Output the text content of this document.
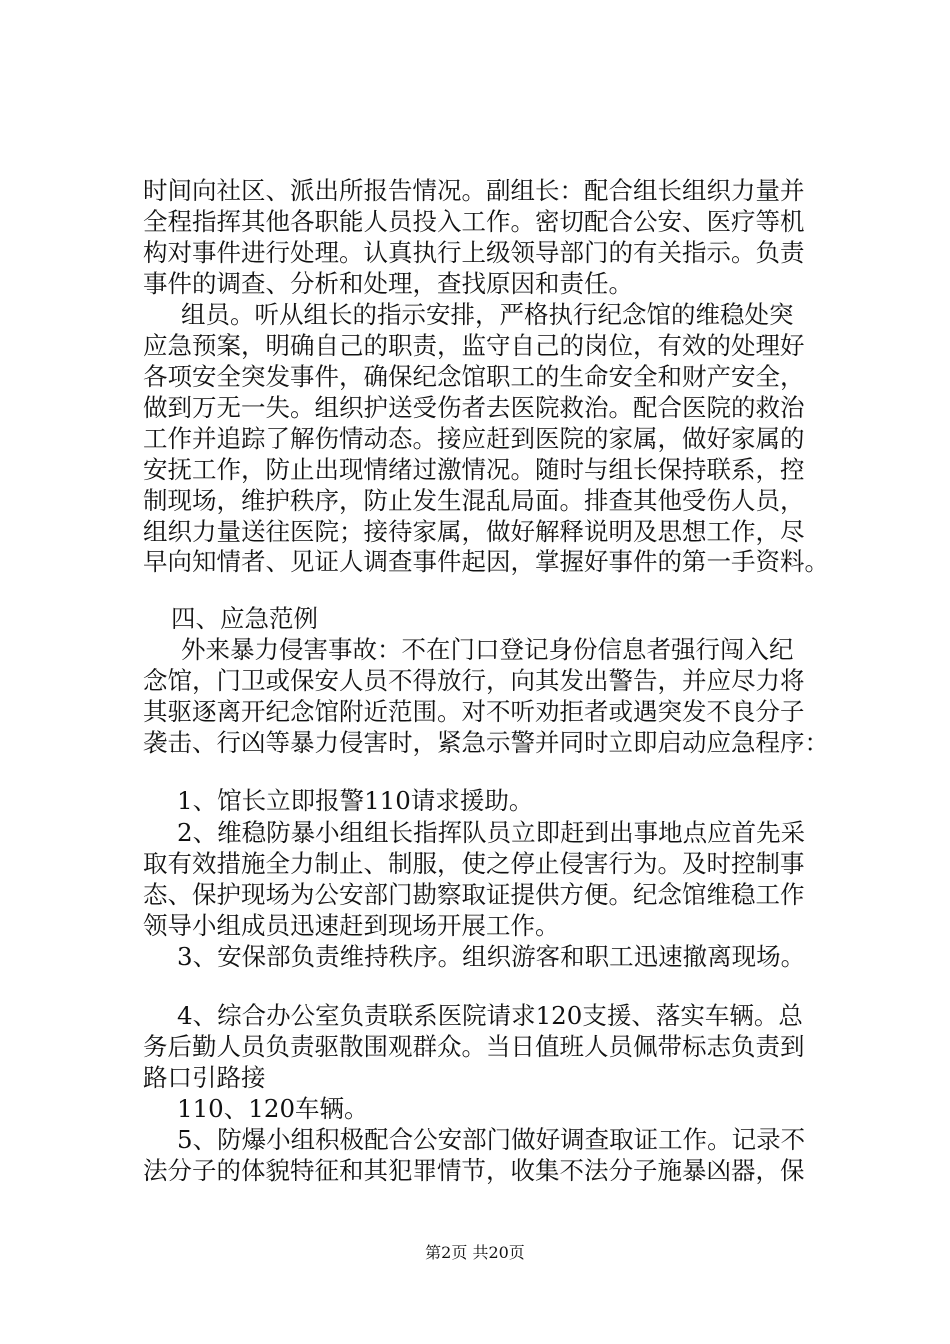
时间向社区、派出所报告情况。副组长：配合组长组织力量并
全程指挥其他各职能人员投入工作。密切配合公安、医疗等机
构对事件进行处理。认真执行上级领导部门的有关指示。负责
事件的调查、分析和处理，查找原因和责任。
组员。听从组长的指示安排，严格执行纪念馆的维稳处突
应急预案，明确自己的职责，监守自己的岗位，有效的处理好
各项安全突发事件，确保纪念馆职工的生命安全和财产安全，
做到万无一失。组织护送受伤者去医院救治。配合医院的救治
工作并追踪了解伤情动态。接应赶到医院的家属，做好家属的
安抚工作，防止出现情绪过激情况。随时与组长保持联系，控
制现场，维护秩序，防止发生混乱局面。排查其他受伤人员，
组织力量送往医院；接待家属，做好解释说明及思想工作，尽
早向知情者、见证人调查事件起因，掌握好事件的第一手资料。
四、应急范例
外来暴力侵害事故：不在门口登记身份信息者强行闯入纪
念馆，门卫或保安人员不得放行，向其发出警告，并应尽力将
其驱逐离开纪念馆附近范围。对不听劝拒者或遇突发不良分子
袭击、行凶等暴力侵害时，紧急示警并同时立即启动应急程序：
1、馆长立即报警110请求援助。
2、维稳防暴小组组长指挥队员立即赶到出事地点应首先采
取有效措施全力制止、制服，使之停止侵害行为。及时控制事
态、保护现场为公安部门勘察取证提供方便。纪念馆维稳工作
领导小组成员迅速赶到现场开展工作。
3、安保部负责维持秩序。组织游客和职工迅速撤离现场。
4、综合办公室负责联系医院请求120支援、落实车辆。总
务后勤人员负责驱散围观群众。当日值班人员佩带标志负责到
路口引路接
110、120车辆。
5、防爆小组积极配合公安部门做好调查取证工作。记录不
法分子的体貌特征和其犯罪情节，收集不法分子施暴凶器，保
第2页 共20页
